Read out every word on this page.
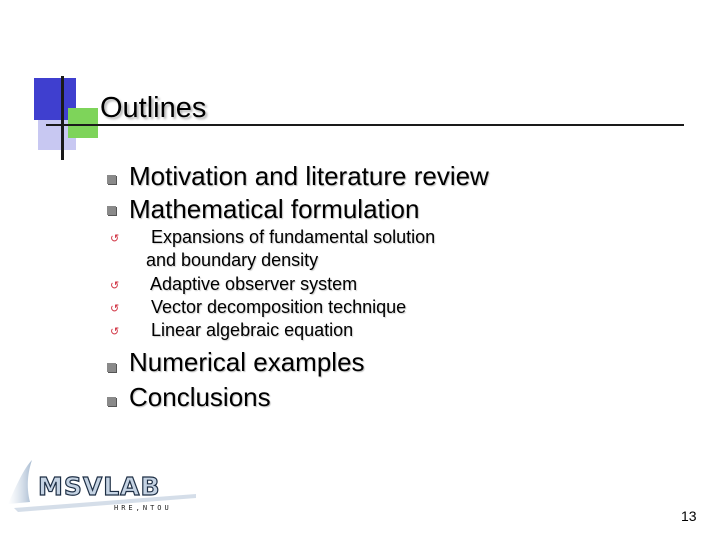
Outlines
Motivation and literature review
Mathematical formulation
↺	Expansions of fundamental solution
and boundary density
↺ Adaptive observer system
↺ Vector decomposition technique
↺ Linear algebraic equation
Numerical examples
Conclusions
MSVLAB
HRE,NTOU	13
